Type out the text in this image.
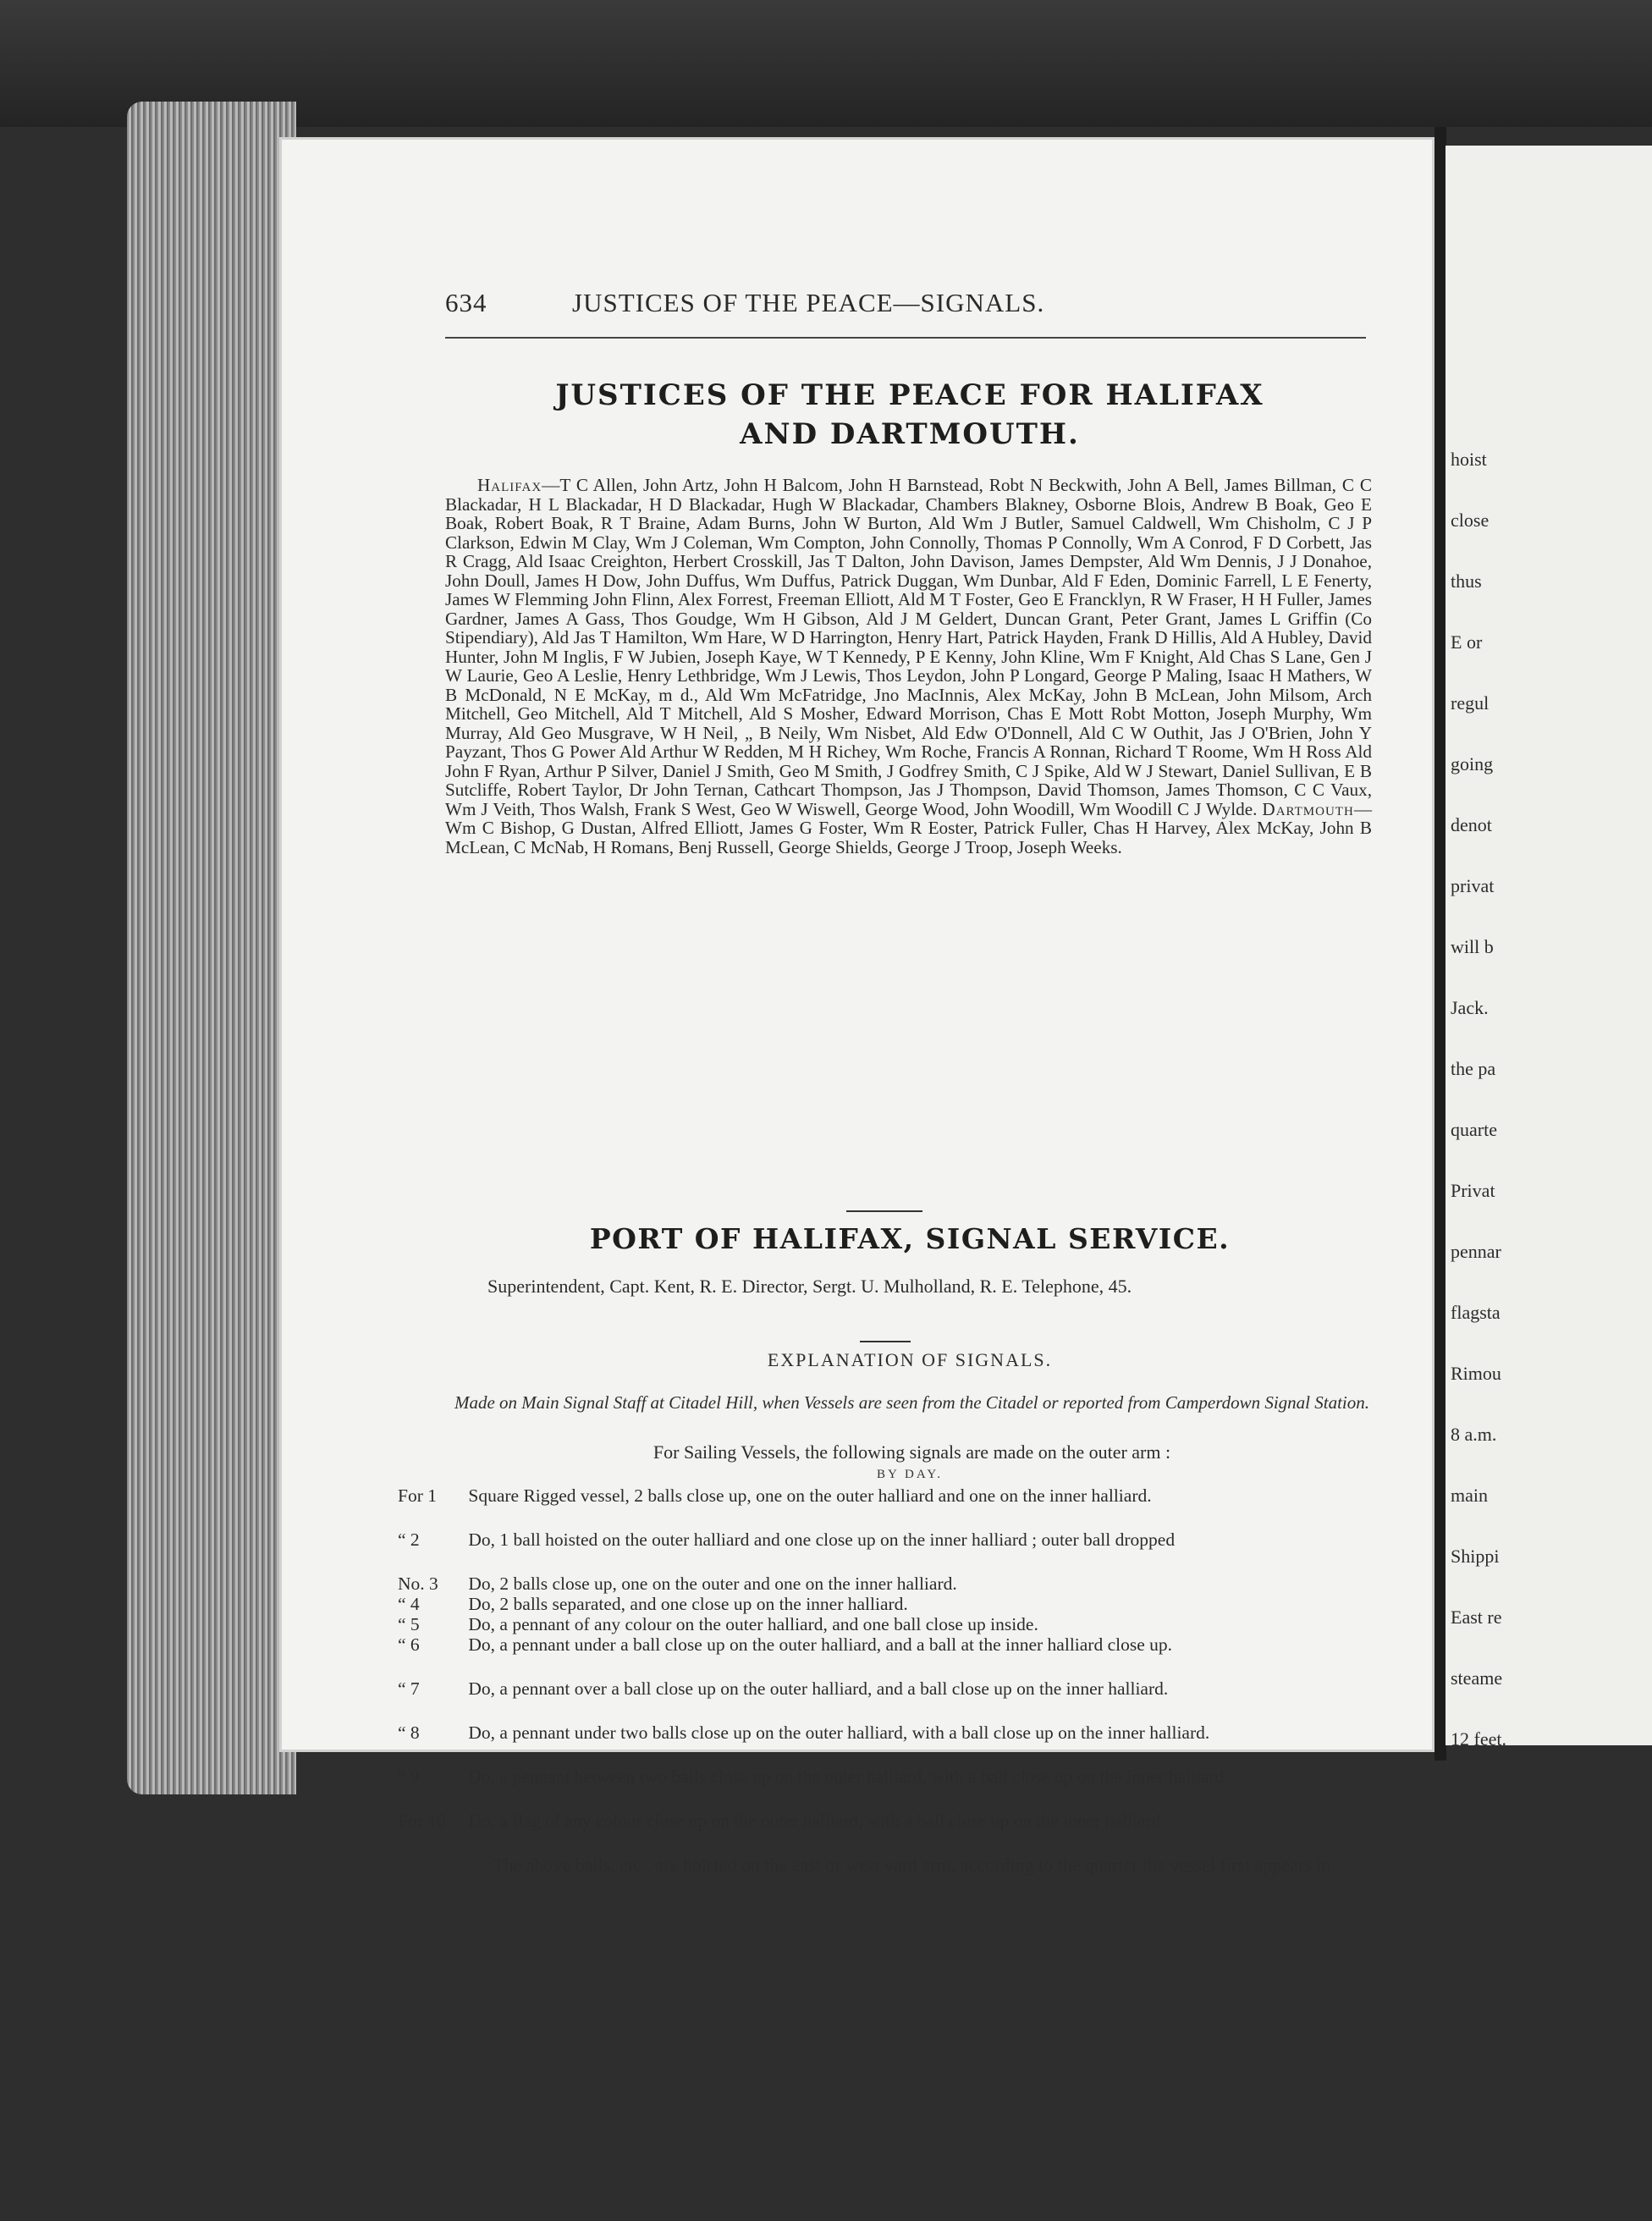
634	JUSTICES OF THE PEACE—SIGNALS.
JUSTICES OF THE PEACE FOR HALIFAX
AND DARTMOUTH.
Halifax—T C Allen, John Artz, John H Balcom, John H Barnstead, Robt N Beckwith, John A Bell, James Billman, C C Blackadar, H L Blackadar, H D Blackadar, Hugh W Blackadar, Chambers Blakney, Osborne Blois, Andrew B Boak, Geo E Boak, Robert Boak, R T Braine, Adam Burns, John W Burton, Ald Wm J Butler, Samuel Caldwell, Wm Chisholm, C J P Clarkson, Edwin M Clay, Wm J Coleman, Wm Compton, John Connolly, Thomas P Connolly, Wm A Conrod, F D Corbett, Jas R Cragg, Ald Isaac Creighton, Herbert Crosskill, Jas T Dalton, John Davison, James Dempster, Ald Wm Dennis, J J Donahoe, John Doull, James H Dow, John Duffus, Wm Duffus, Patrick Duggan, Wm Dunbar, Ald F Eden, Dominic Farrell, L E Fenerty, James W Flemming John Flinn, Alex Forrest, Freeman Elliott, Ald M T Foster, Geo E Francklyn, R W Fraser, H H Fuller, James Gardner, James A Gass, Thos Goudge, Wm H Gibson, Ald J M Geldert, Duncan Grant, Peter Grant, James L Griffin (Co Stipendiary), Ald Jas T Hamilton, Wm Hare, W D Harrington, Henry Hart, Patrick Hayden, Frank D Hillis, Ald A Hubley, David Hunter, John M Inglis, F W Jubien, Joseph Kaye, W T Kennedy, P E Kenny, John Kline, Wm F Knight, Ald Chas S Lane, Gen J W Laurie, Geo A Leslie, Henry Lethbridge, Wm J Lewis, Thos Leydon, John P Longard, George P Maling, Isaac H Mathers, W B McDonald, N E McKay, m d., Ald Wm McFatridge, Jno MacInnis, Alex McKay, John B McLean, John Milsom, Arch Mitchell, Geo Mitchell, Ald T Mitchell, Ald S Mosher, Edward Morrison, Chas E Mott Robt Motton, Joseph Murphy, Wm Murray, Ald Geo Musgrave, W H Neil, „ B Neily, Wm Nisbet, Ald Edw O'Donnell, Ald C W Outhit, Jas J O'Brien, John Y Payzant, Thos G Power Ald Arthur W Redden, M H Richey, Wm Roche, Francis A Ronnan, Richard T Roome, Wm H Ross Ald John F Ryan, Arthur P Silver, Daniel J Smith, Geo M Smith, J Godfrey Smith, C J Spike, Ald W J Stewart, Daniel Sullivan, E B Sutcliffe, Robert Taylor, Dr John Ternan, Cathcart Thompson, Jas J Thompson, David Thomson, James Thomson, C C Vaux, Wm J Veith, Thos Walsh, Frank S West, Geo W Wiswell, George Wood, John Woodill, Wm Woodill C J Wylde. Dartmouth—Wm C Bishop, G Dustan, Alfred Elliott, James G Foster, Wm R Eoster, Patrick Fuller, Chas H Harvey, Alex McKay, John B McLean, C McNab, H Romans, Benj Russell, George Shields, George J Troop, Joseph Weeks.
PORT OF HALIFAX, SIGNAL SERVICE.
Superintendent, Capt. Kent, R. E. Director, Sergt. U. Mulholland, R. E. Telephone, 45.
EXPLANATION OF SIGNALS.
Made on Main Signal Staff at Citadel Hill, when Vessels are seen from the Citadel or reported from Camperdown Signal Station.
For Sailing Vessels, the following signals are made on the outer arm :
BY DAY.
For 1 Square Rigged vessel, 2 balls close up, one on the outer halliard and one on the inner halliard.
“ 2	Do, 1 ball hoisted on the outer halliard and one close up on the inner halliard ; outer ball dropped
No. 3 Do, 2 balls close up, one on the outer and one on the inner halliard.
“ 4	Do, 2 balls separated, and one close up on the inner halliard.
“ 5	Do, a pennant of any colour on the outer halliard, and one ball close up inside.
“ 6	Do, a pennant under a ball close up on the outer halliard, and a ball at the inner halliard close up.
“ 7	Do, a pennant over a ball close up on the outer halliard, and a ball close up on the inner halliard.
“ 8	Do, a pennant under two balls close up on the outer halliard, with a ball close up on the inner halliard.
“ 9	Do, a pennant between two balls close up on the outer halliard, with a ball close up on the inner halliard.
For 10 Do, a flag of any colour close up on the outer halliard, with a ball close up on the inner halliard.
The above balls, etc., are hoisted on the east or west yard arm, according to the quarter the vessel first appears in.
hoist
close
thus
E or
regul
going
denot
privat
will b
Jack.
the pa
quarte
Privat
pennar
flagsta
Rimou
8 a.m.
main
Shippi
East re
steame
12 feet.
